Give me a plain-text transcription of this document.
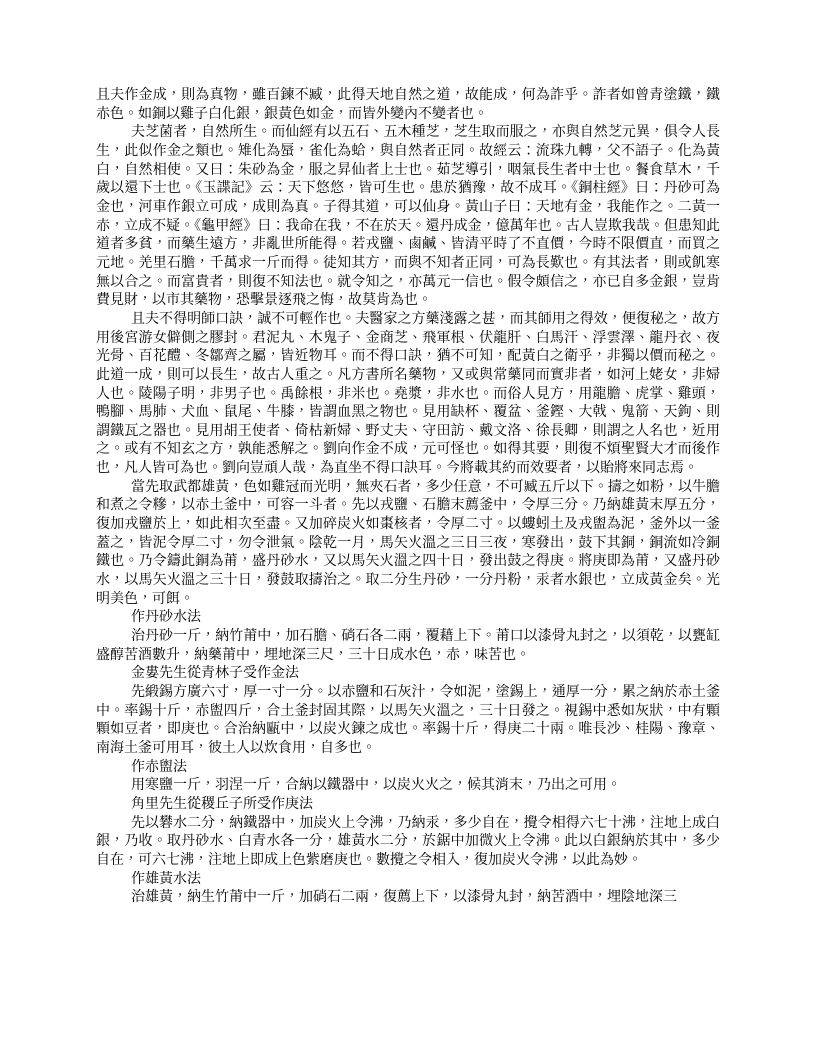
且夫作金成，則為真物，雖百鍊不臧，此得天地自然之道，故能成，何為詐乎。詐者如曾青塗鐵，鐵赤色。如銅以雞子白化銀，銀黃色如金，而皆外變內不變者也。

夫芝菌者，自然所生。而仙經有以五石、五木種芝，芝生取而服之，亦與自然芝元異，俱令人長生，此似作金之類也。雉化為蜃，雀化為蛤，與自然者正同。故經云：流珠九轉，父不語子。化為黃白，自然相使。又曰：朱砂為金，服之昇仙者上士也。茹芝導引，咽氣長生者中士也。餐食草木，千歲以還下士也。《玉諜記》云：天下悠悠，皆可生也。患於猶豫，故不成耳。《銅柱經》曰：丹砂可為金也，河車作銀立可成，成則為真。子得其道，可以仙身。黃山子曰：天地有金，我能作之。二黃一赤，立成不疑。《龜甲經》曰：我命在我，不在於天。還丹成金，億萬年也。古人豈欺我哉。但患知此道者多貧，而藥生遠方，非亂世所能得。若戎鹽、鹵鹹、皆清平時了不直價，今時不限價直，而買之元地。羌里石膽，千萬求一斤而得。徒知其方，而與不知者正同，可為長歎也。有其法者，則或飢寒無以合之。而富貴者，則復不知法也。就令知之，亦萬元一信也。假令頗信之，亦已自多金銀，豈肯費見財，以市其藥物，恐擊景逐飛之悔，故莫肯為也。

且夫不得明師口訣，誠不可輕作也。夫醫家之方藥淺露之甚，而其師用之得效，便復秘之，故方用後宮游女僻側之膠封。君泥丸、木鬼子、金商芝、飛軍根、伏龍肝、白馬汗、浮雲澤、龍丹衣、夜光骨、百花醴、冬鄒齊之屬，皆近物耳。而不得口訣，猶不可知，配黃白之衛乎，非獨以價而秘之。此道一成，則可以長生，故古人重之。凡方書所名藥物，又或與常藥同而實非者，如河上姥女，非婦人也。陵陽子明，非男子也。禹餘根，非米也。堯漿，非水也。而俗人見方，用龍膽、虎掌、雞頭，鴨腳、馬肺、犬血、鼠尾、牛膝，皆謂血黑之物也。見用缺杯、覆盆、釜鏗、大戟、鬼箭、天鉤、則謂鐵瓦之器也。見用胡王使者、倚枯新婦、野丈夫、守田訪、戴文洛、徐長卿，則謂之人名也，近用之。或有不知玄之方，孰能悉解之。劉向作金不成，元可怪也。如得其要，則復不煩聖賢大才而後作也，凡人皆可為也。劉向豈頑人哉，為直坐不得口訣耳。今將載其約而效要者，以貽將來同志焉。

當先取武都雄黃，色如雞冠而光明，無夾石者，多少任意，不可臧五斤以下。擣之如粉，以牛膽和煮之令糝，以赤土釜中，可容一斗者。先以戎鹽、石膽末薦釜中，令厚三分。乃納雄黃末厚五分，復加戎鹽於上，如此相次至盡。又加碎炭火如棗核者，令厚二寸。以螻蚓土及戎盥為泥，釜外以一釜蓋之，皆泥令厚二寸，勿令泄氣。陰乾一月，馬矢火溫之三日三夜，寒發出，鼓下其銅，銅流如冷銅鐵也。乃令鑄此銅為莆，盛丹砂水，又以馬矢火溫之四十日，發出鼓之得庚。將庚即為莆，又盛丹砂水，以馬矢火溫之三十日，發鼓取擣治之。取二分生丹砂，一分丹粉，汞者水銀也，立成黃金矣。光明美色，可餌。

作丹砂水法

治丹砂一斤，納竹莆中，加石膽、硝石各二兩，覆藉上下。莆口以漆骨丸封之，以須乾，以甕缸盛醇苦酒數升，納藥莆中，埋地深三尺，三十日成水色，赤，味苦也。

金婁先生從青林子受作金法

先緞錫方廣六寸，厚一寸一分。以赤鹽和石灰汁，令如泥，塗錫上，通厚一分，累之納於赤土釜中。率錫十斤，赤盥四斤，合土釜封固其際，以馬矢火溫之，三十日發之。視錫中悉如灰狀，中有顆顆如豆者，即庚也。合治納甌中，以炭火鍊之成也。率錫十斤，得庚二十兩。唯長沙、桂陽、豫章、南海土釜可用耳，彼土人以炊食用，自多也。

作赤盥法

用寒鹽一斤，羽涅一斤，合納以鐵器中，以炭火火之，候其消末，乃出之可用。

角里先生從稷丘子所受作庚法

先以礬水二分，納鐵器中，加炭火上令沸，乃納汞，多少自在，攪令相得六七十沸，注地上成白銀，乃收。取丹砂水、白青水各一分，雄黃水二分，於鋸中加微火上令沸。此以白銀納於其中，多少自在，可六七沸，注地上即成上色紫磨庚也。數攪之令相入，復加炭火令沸，以此為妙。

作雄黃水法

治雄黃，納生竹莆中一斤，加硝石二兩，復薦上下，以漆骨丸封，納苦酒中，埋陰地深三
